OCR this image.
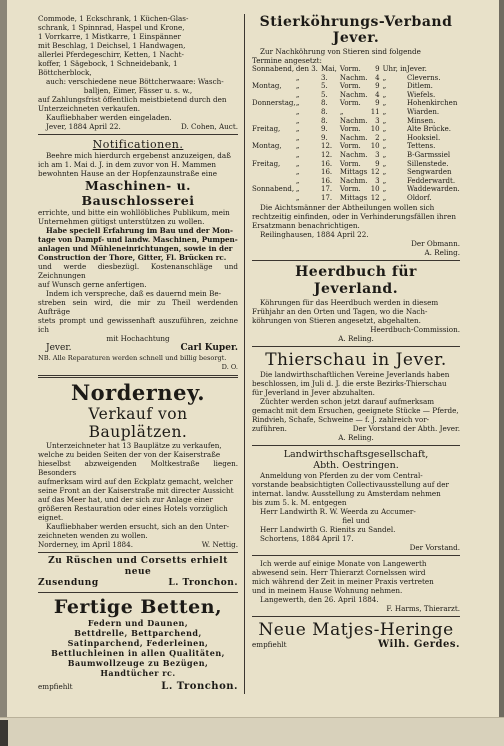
Commode, 1 Eckschrank, 1 Küchen-Glas-
schrank, 1 Spinnrad, Haspel und Krone,
1 Vorrkarre, 1 Mistkarre, 1 Einspänner
mit Beschlag, 1 Deichsel, 1 Handwagen,
allerlei Pferdegeschirr, Ketten, 1 Nacht-
koffer, 1 Sägebock, 1 Schneidebank, 1
Böttcherblock,
auch: verschiedene neue Böttcherwaare: Wasch-
balljen, Eimer, Fässer u. s. w.,
auf Zahlungsfrist öffentlich meistbietend durch den
Unterzeichneten verkaufen.
Kaufliebhaber werden eingeladen.
Jever, 1884 April 22.	D. Cohen, Auct.
Notificationen.
Beehre mich hierdurch ergebenst anzuzeigen, daß
ich am 1. Mai d. J. in dem zuvor von H. Mammen
bewohnten Hause an der Hopfenzaunstraße eine
Maschinen- u. Bauschlosserei
errichte, und bitte ein wohllöbliches Publikum, mein
Unternehmen gütigst unterstützen zu wollen.
Habe speciell Erfahrung im Bau und der Mon-
tage von Dampf- und landw. Maschinen, Pumpen-
anlagen und Mühleneinrichtungen, sowie in der
Construction der Thore, Gitter, Fl. Brücken rc.
und werde diesbezügl. Kostenanschläge und Zeichnungen
auf Wunsch gerne anfertigen.
Indem ich verspreche, daß es dauernd mein Be-
streben sein wird, die mir zu Theil werdenden Aufträge
stets prompt und gewissenhaft auszuführen, zeichne ich
mit Hochachtung
Jever.	Carl Kuper.
NB. Alle Reparaturen werden schnell und billig besorgt.
D. O.
Norderney.
Verkauf von Bauplätzen.
Unterzeichneter hat 13 Bauplätze zu verkaufen,
welche zu beiden Seiten der von der Kaiserstraße
hieselbst abzweigenden Moltkestraße liegen. Besonders
aufmerksam wird auf den Eckplatz gemacht, welcher
seine Front an der Kaiserstraße mit directer Aussicht
auf das Meer hat, und der sich zur Anlage einer
größeren Restauration oder eines Hotels vorzüglich
eignet.
Kaufliebhaber werden ersucht, sich an den Unter-
zeichneten wenden zu wollen.
Norderney, im April 1884.	W. Nettig.
Zu Rüschen und Corsetts erhielt neue
Zusendung	L. Tronchon.
Fertige Betten,
Federn und Daunen,
Bettdrelle, Bettparchend,
Satinparchend, Federleinen,
Bettluchleinen in allen Qualitäten,
Baumwollzeuge zu Bezügen,
Handtücher rc.
empfiehlt	L. Tronchon.
Stierköhrungs-Verband
Jever.
Zur Nachköhrung von Stieren sind folgende
Termine angesetzt:
Sonnabend,	den 3.	Mai,	Vorm.	9	Uhr, in	Jever.
	„	3.	Nachm.	4	„	Cleverns.
Montag,	„	5.	Vorm.	9	„	Ditlem.
	„	5.	Nachm.	4	„	Wiefels.
Donnerstag,	„	8.	Vorm.	9	„	Hohenkirchen
	„	8.	„	11	„	Wiarden.
	„	8.	Nachm.	3	„	Minsen.
Freitag,	„	9.	Vorm.	10	„	Alte Brücke.
	„	9.	Nachm.	2	„	Hooksiel.
Montag,	„	12.	Vorm.	10	„	Tettens.
	„	12.	Nachm.	3	„	B-Garmssiel
Freitag,	„	16.	Vorm.	9	„	Sillenstede.
	„	16.	Mittags	12	„	Sengwarden
	„	16.	Nachm.	3	„	Fedderwardt.
Sonnabend,	„	17.	Vorm.	10	„	Waddewarden.
	„	17.	Mittags	12	„	Oldorf.
Die Aichtsmänner der Abtheilungen wollen sich
rechtzeitig einfinden, oder in Verhinderungsfällen ihren
Ersatzmann benachrichtigen.
Reilinghausen, 1884 April 22.
Der Obmann.
A. Reling.
Heerdbuch für Jeverland.
Köhrungen für das Heerdbuch werden in diesem
Frühjahr an den Orten und Tagen, wo die Nach-
köhrungen von Stieren angesetzt, abgehalten.
Heerdbuch-Commission.
A. Reling.
Thierschau in Jever.
Die landwirthschaftlichen Vereine Jeverlands haben
beschlossen, im Juli d. J. die erste Bezirks-Thierschau
für Jeverland in Jever abzuhalten.
Züchter werden schon jetzt darauf aufmerksam
gemacht mit dem Ersuchen, geeignete Stücke — Pferde,
Rindvieh, Schafe, Schweine — f. J. zahlreich vor-
zuführen.	Der Vorstand der Abth. Jever.
A. Reling.
Landwirthschaftsgesellschaft,
Abth. Oestringen.
Anmeldung von Pferden zu der vom Central-
vorstande beabsichtigten Collectivausstellung auf der
internat. landw. Ausstellung zu Amsterdam nehmen
bis zum 5. k. M. entgegen
Herr Landwirth R. W. Weerda zu Accumer-
fiel und
Herr Landwirth G. Rienits zu Sandel.
Schortens, 1884 April 17.
Der Vorstand.
Ich werde auf einige Monate von Langewerth
abwesend sein. Herr Thierarzt Cornelssen wird
mich während der Zeit in meiner Praxis vertreten
und in meinem Hause Wohnung nehmen.
Langewerth, den 26. April 1884.
F. Harms, Thierarzt.
Neue Matjes-Heringe
empfiehlt	Wilh. Gerdes.
